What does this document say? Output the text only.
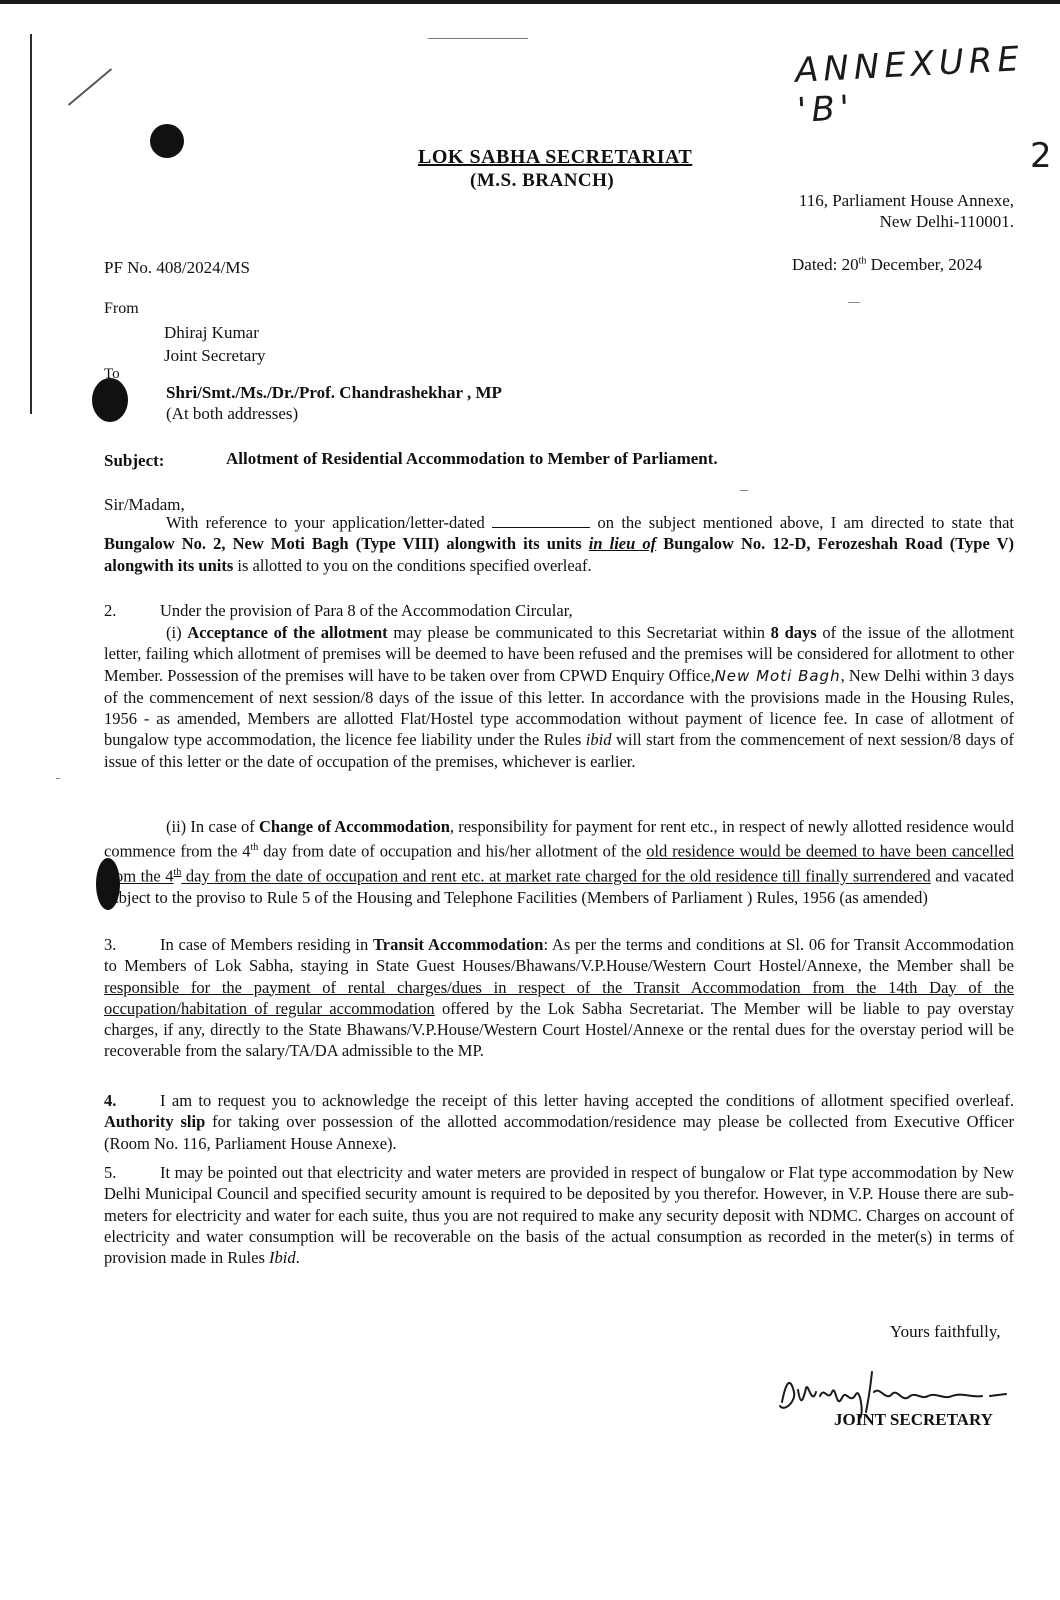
ANNEXURE 'B'
2
LOK SABHA SECRETARIAT
(M.S. BRANCH)
116, Parliament House Annexe,
New Delhi-110001.
PF No. 408/2024/MS	Dated: 20th December, 2024
From
Dhiraj Kumar
Joint Secretary
To
Shri/Smt./Ms./Dr./Prof. Chandrashekhar , MP
(At both addresses)
Subject:	Allotment of Residential Accommodation to Member of Parliament.
Sir/Madam,
With reference to your application/letter-dated	on the subject mentioned above, I am directed to state that Bungalow No. 2, New Moti Bagh (Type VIII) alongwith its units in lieu of Bungalow No. 12-D, Ferozeshah Road (Type V) alongwith its units is allotted to you on the conditions specified overleaf.
2.	Under the provision of Para 8 of the Accommodation Circular,
(i) Acceptance of the allotment may please be communicated to this Secretariat within 8 days of the issue of the allotment letter, failing which allotment of premises will be deemed to have been refused and the premises will be considered for allotment to other Member. Possession of the premises will have to be taken over from CPWD Enquiry Office,New Moti Bagh, New Delhi within 3 days of the commencement of next session/8 days of the issue of this letter. In accordance with the provisions made in the Housing Rules, 1956 - as amended, Members are allotted Flat/Hostel type accommodation without payment of licence fee. In case of allotment of bungalow type accommodation, the licence fee liability under the Rules ibid will start from the commencement of next session/8 days of issue of this letter or the date of occupation of the premises, whichever is earlier.
(ii) In case of Change of Accommodation, responsibility for payment for rent etc., in respect of newly allotted residence would commence from the 4th day from date of occupation and his/her allotment of the old residence would be deemed to have been cancelled from the 4th day from the date of occupation and rent etc. at market rate charged for the old residence till finally surrendered and vacated subject to the proviso to Rule 5 of the Housing and Telephone Facilities (Members of Parliament ) Rules, 1956 (as amended)
3.	In case of Members residing in Transit Accommodation: As per the terms and conditions at Sl. 06 for Transit Accommodation to Members of Lok Sabha, staying in State Guest Houses/Bhawans/V.P.House/Western Court Hostel/Annexe, the Member shall be responsible for the payment of rental charges/dues in respect of the Transit Accommodation from the 14th Day of the occupation/habitation of regular accommodation offered by the Lok Sabha Secretariat. The Member will be liable to pay overstay charges, if any, directly to the State Bhawans/V.P.House/Western Court Hostel/Annexe or the rental dues for the overstay period will be recoverable from the salary/TA/DA admissible to the MP.
4.	I am to request you to acknowledge the receipt of this letter having accepted the conditions of allotment specified overleaf. Authority slip for taking over possession of the allotted accommodation/residence may please be collected from Executive Officer (Room No. 116, Parliament House Annexe).
5.	It may be pointed out that electricity and water meters are provided in respect of bungalow or Flat type accommodation by New Delhi Municipal Council and specified security amount is required to be deposited by you therefor. However, in V.P. House there are sub-meters for electricity and water for each suite, thus you are not required to make any security deposit with NDMC. Charges on account of electricity and water consumption will be recoverable on the basis of the actual consumption as recorded in the meter(s) in terms of provision made in Rules Ibid.
Yours faithfully,
JOINT SECRETARY
